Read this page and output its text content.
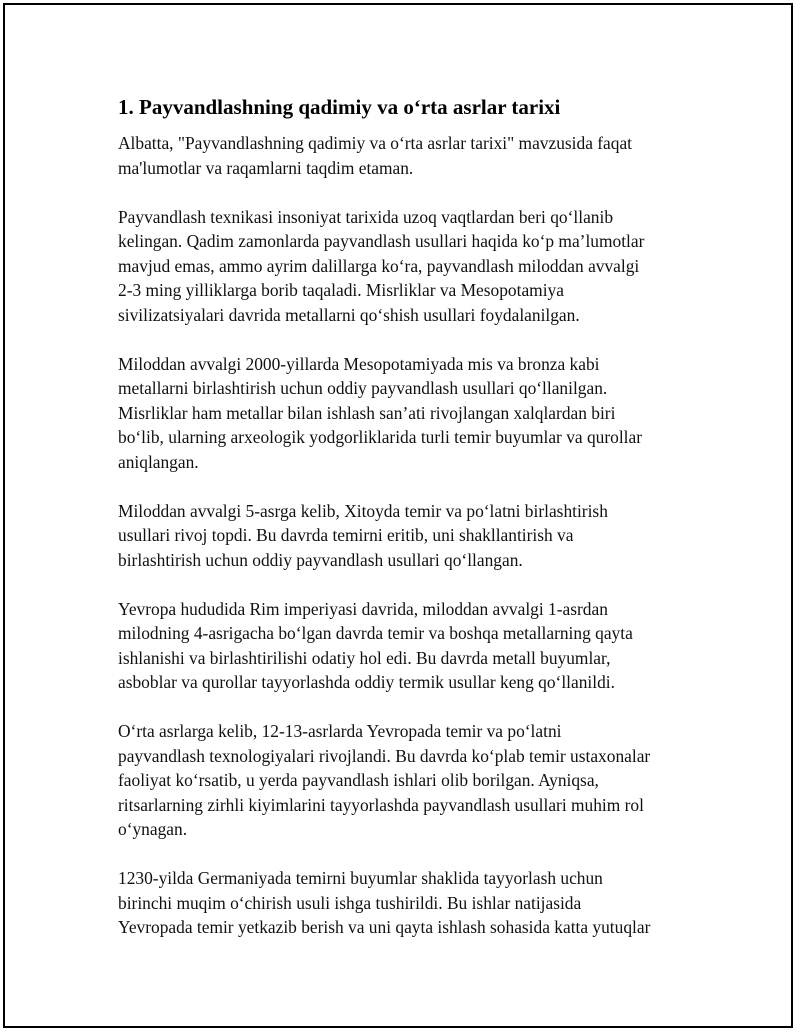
1. Payvandlashning qadimiy va o‘rta asrlar tarixi

Albatta, "Payvandlashning qadimiy va o‘rta asrlar tarixi" mavzusida faqat
ma'lumotlar va raqamlarni taqdim etaman.

Payvandlash texnikasi insoniyat tarixida uzoq vaqtlardan beri qo‘llanib
kelingan. Qadim zamonlarda payvandlash usullari haqida ko‘p ma’lumotlar
mavjud emas, ammo ayrim dalillarga ko‘ra, payvandlash miloddan avvalgi
2-3 ming yilliklarga borib taqaladi. Misrliklar va Mesopotamiya
sivilizatsiyalari davrida metallarni qo‘shish usullari foydalanilgan.

Miloddan avvalgi 2000-yillarda Mesopotamiyada mis va bronza kabi
metallarni birlashtirish uchun oddiy payvandlash usullari qo‘llanilgan.
Misrliklar ham metallar bilan ishlash san’ati rivojlangan xalqlardan biri
bo‘lib, ularning arxeologik yodgorliklarida turli temir buyumlar va qurollar
aniqlangan.

Miloddan avvalgi 5-asrga kelib, Xitoyda temir va po‘latni birlashtirish
usullari rivoj topdi. Bu davrda temirni eritib, uni shakllantirish va
birlashtirish uchun oddiy payvandlash usullari qo‘llangan.

Yevropa hududida Rim imperiyasi davrida, miloddan avvalgi 1-asrdan
milodning 4-asrigacha bo‘lgan davrda temir va boshqa metallarning qayta
ishlanishi va birlashtirilishi odatiy hol edi. Bu davrda metall buyumlar,
asboblar va qurollar tayyorlashda oddiy termik usullar keng qo‘llanildi.

O‘rta asrlarga kelib, 12-13-asrlarda Yevropada temir va po‘latni
payvandlash texnologiyalari rivojlandi. Bu davrda ko‘plab temir ustaxonalar
faoliyat ko‘rsatib, u yerda payvandlash ishlari olib borilgan. Ayniqsa,
ritsarlarning zirhli kiyimlarini tayyorlashda payvandlash usullari muhim rol
o‘ynagan.

1230-yilda Germaniyada temirni buyumlar shaklida tayyorlash uchun
birinchi muqim o‘chirish usuli ishga tushirildi. Bu ishlar natijasida
Yevropada temir yetkazib berish va uni qayta ishlash sohasida katta yutuqlar
